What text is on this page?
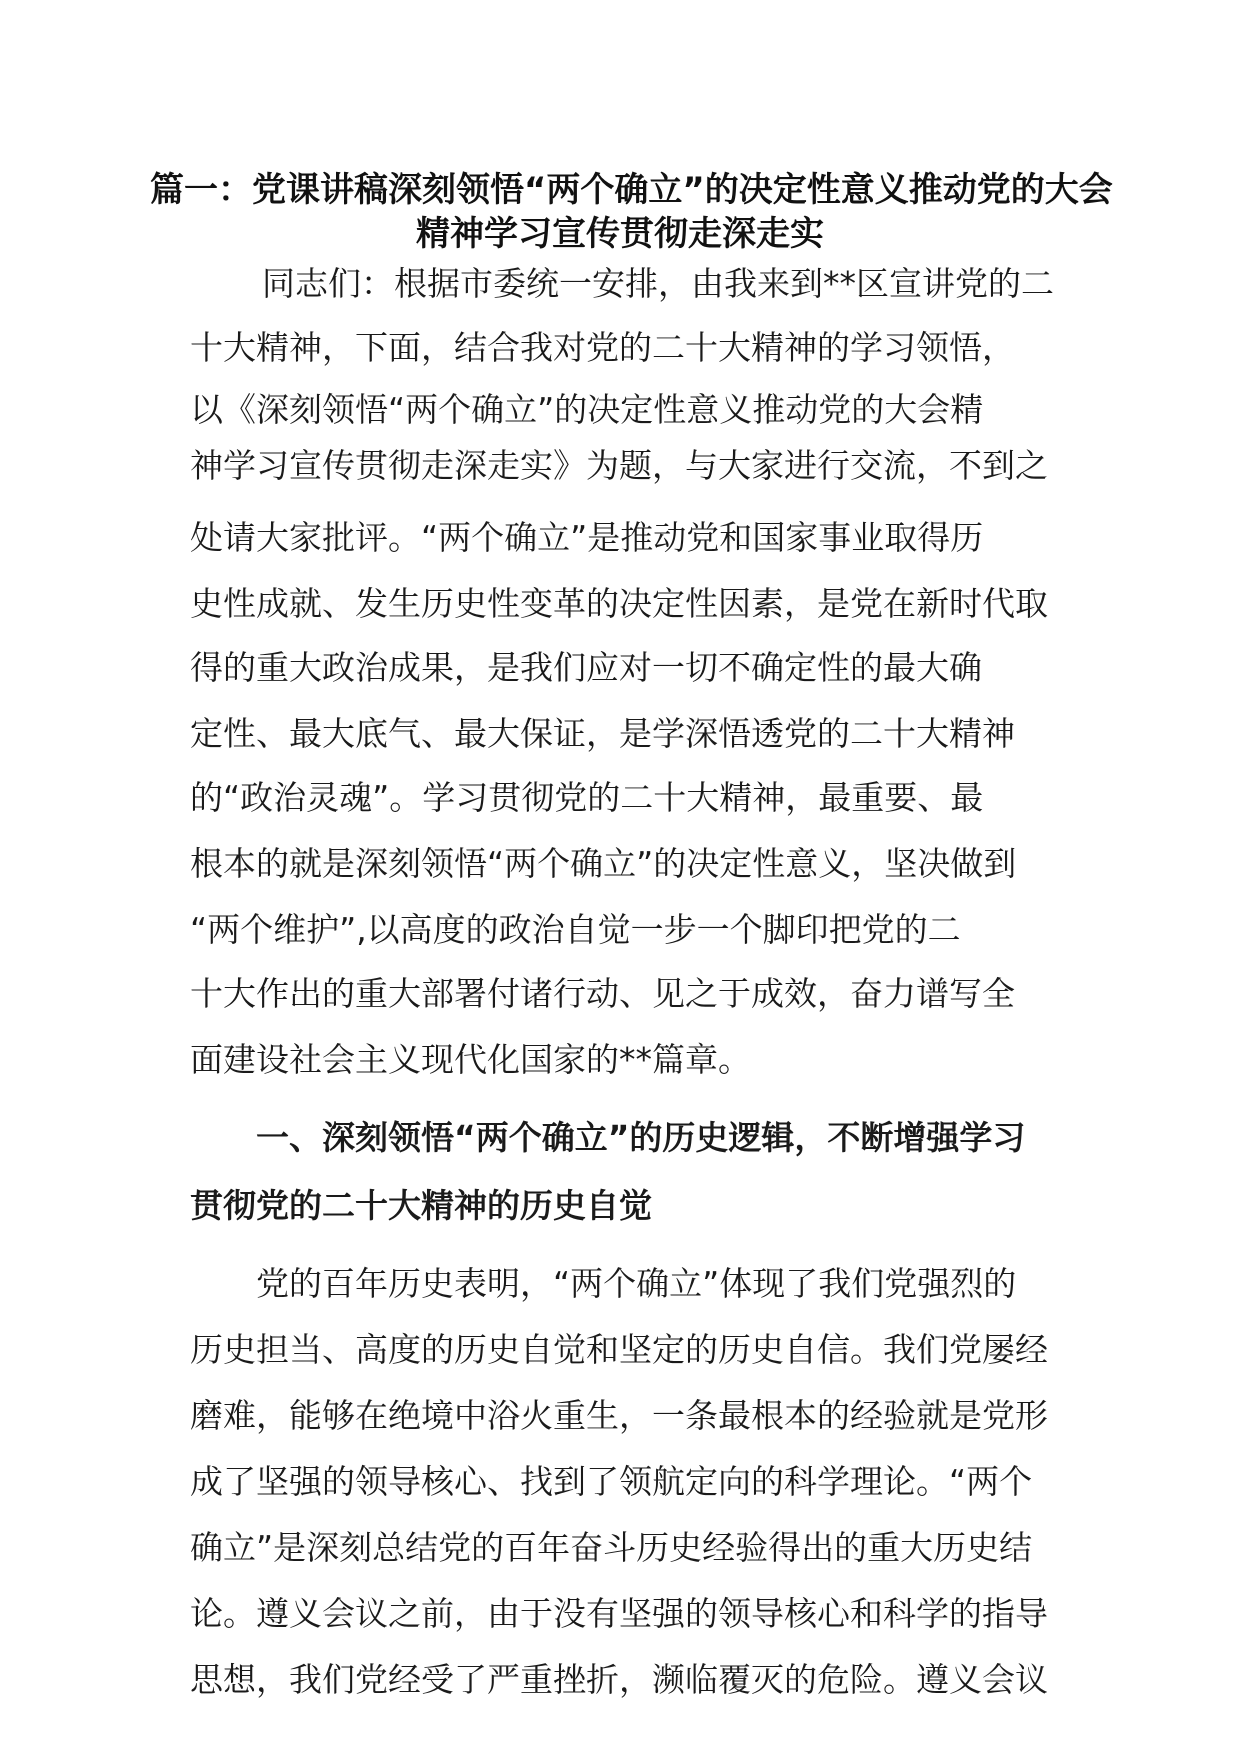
篇一：党课讲稿深刻领悟“两个确立”的决定性意义推动党的大会
精神学习宣传贯彻走深走实
同志们：根据市委统一安排，由我来到**区宣讲党的二
十大精神，下面，结合我对党的二十大精神的学习领悟，
以《深刻领悟“两个确立”的决定性意义推动党的大会精
神学习宣传贯彻走深走实》为题，与大家进行交流，不到之
处请大家批评。“两个确立”是推动党和国家事业取得历
史性成就、发生历史性变革的决定性因素，是党在新时代取
得的重大政治成果，是我们应对一切不确定性的最大确
定性、最大底气、最大保证，是学深悟透党的二十大精神
的“政治灵魂”。学习贯彻党的二十大精神，最重要、最
根本的就是深刻领悟“两个确立”的决定性意义，坚决做到
“两个维护”,以高度的政治自觉一步一个脚印把党的二
十大作出的重大部署付诸行动、见之于成效，奋力谱写全
面建设社会主义现代化国家的**篇章。
一、深刻领悟“两个确立”的历史逻辑，不断增强学习
贯彻党的二十大精神的历史自觉
党的百年历史表明，“两个确立”体现了我们党强烈的
历史担当、高度的历史自觉和坚定的历史自信。我们党屡经
磨难，能够在绝境中浴火重生，一条最根本的经验就是党形
成了坚强的领导核心、找到了领航定向的科学理论。“两个
确立”是深刻总结党的百年奋斗历史经验得出的重大历史结
论。遵义会议之前，由于没有坚强的领导核心和科学的指导
思想，我们党经受了严重挫折，濒临覆灭的危险。遵义会议
